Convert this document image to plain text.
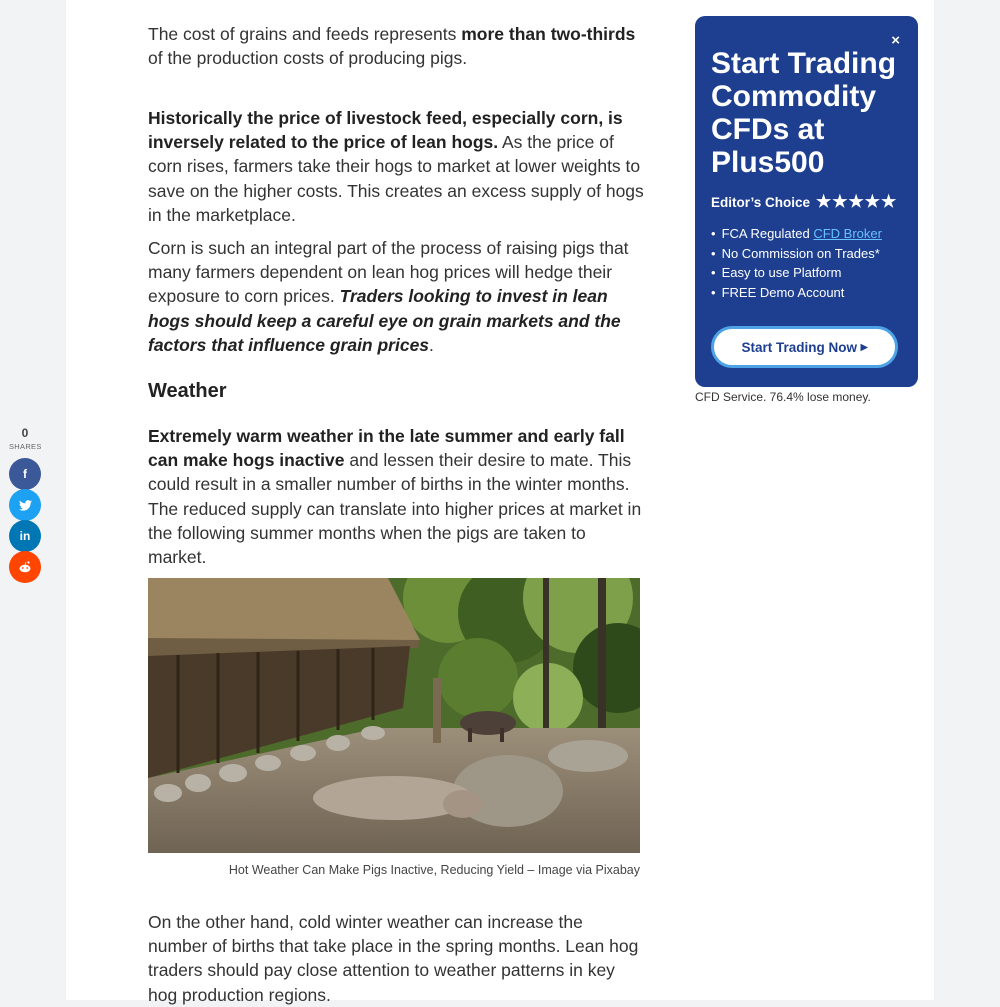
The cost of grains and feeds represents more than two-thirds of the production costs of producing pigs.

Historically the price of livestock feed, especially corn, is inversely related to the price of lean hogs. As the price of corn rises, farmers take their hogs to market at lower weights to save on the higher costs. This creates an excess supply of hogs in the marketplace.

Corn is such an integral part of the process of raising pigs that many farmers dependent on lean hog prices will hedge their exposure to corn prices. Traders looking to invest in lean hogs should keep a careful eye on grain markets and the factors that influence grain prices.

Weather

Extremely warm weather in the late summer and early fall can make hogs inactive and lessen their desire to mate. This could result in a smaller number of births in the winter months. The reduced supply can translate into higher prices at market in the following summer months when the pigs are taken to market.

Hot Weather Can Make Pigs Inactive, Reducing Yield – Image via Pixabay

On the other hand, cold winter weather can increase the number of births that take place in the spring months. Lean hog traders should pay close attention to weather patterns in key hog production regions.

0
SHARES
f
in
×
Start Trading Commodity CFDs at Plus500
Editor’s Choice ★★★★★
• FCA Regulated CFD Broker
• No Commission on Trades*
• Easy to use Platform
• FREE Demo Account
Start Trading Now
▸
CFD Service. 76.4% lose money.
